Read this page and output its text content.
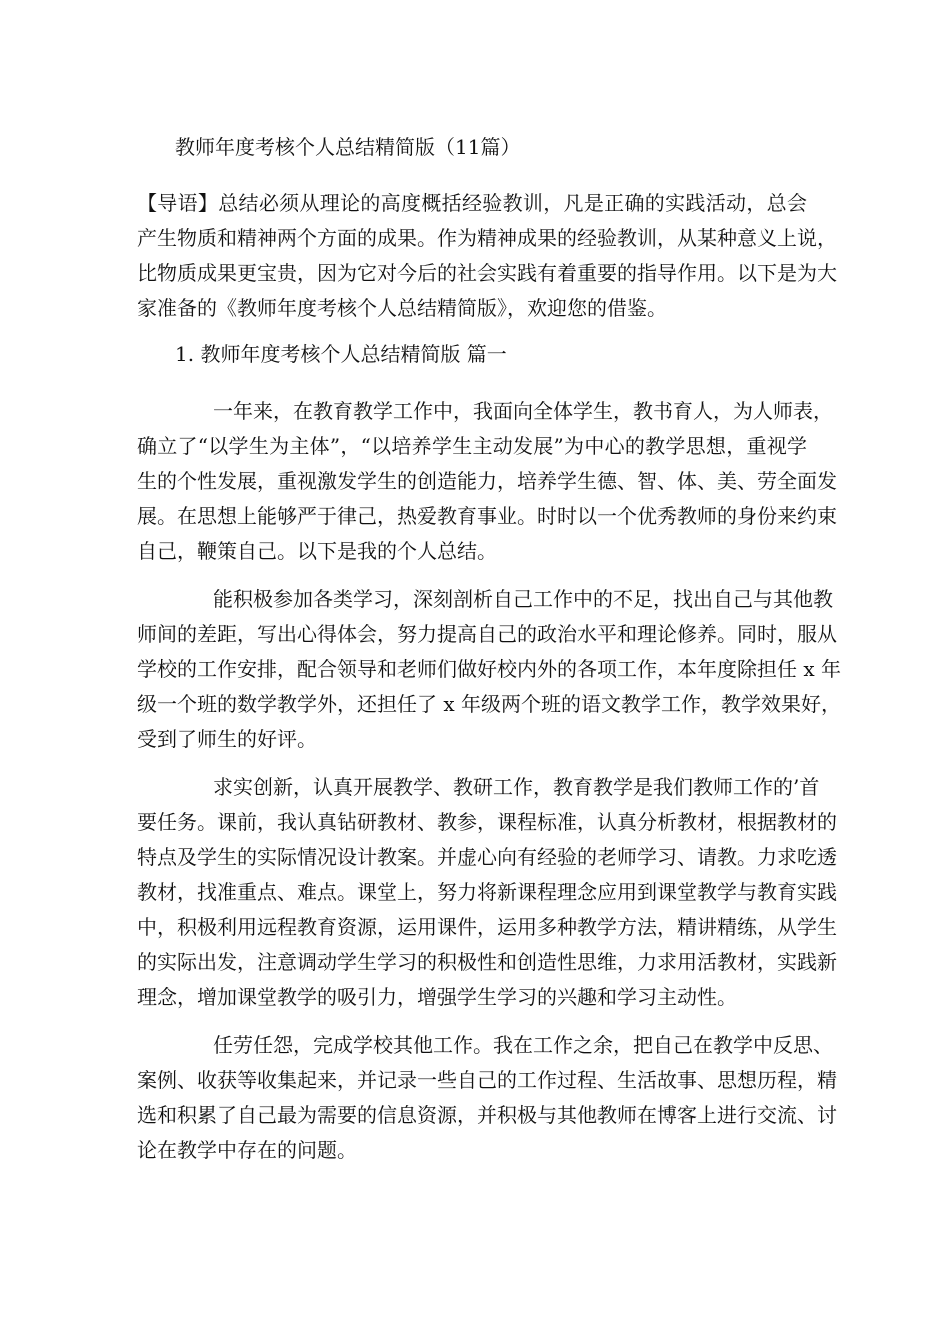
教师年度考核个人总结精简版（11篇）
【导语】总结必须从理论的高度概括经验教训，凡是正确的实践活动，总会
产生物质和精神两个方面的成果。作为精神成果的经验教训，从某种意义上说，
比物质成果更宝贵，因为它对今后的社会实践有着重要的指导作用。以下是为大
家准备的《教师年度考核个人总结精简版》，欢迎您的借鉴。
1. 教师年度考核个人总结精简版 篇一
一年来，在教育教学工作中，我面向全体学生，教书育人，为人师表，
确立了“以学生为主体”，“以培养学生主动发展”为中心的教学思想，重视学
生的个性发展，重视激发学生的创造能力，培养学生德、智、体、美、劳全面发
展。在思想上能够严于律己，热爱教育事业。时时以一个优秀教师的身份来约束
自己，鞭策自己。以下是我的个人总结。
能积极参加各类学习，深刻剖析自己工作中的不足，找出自己与其他教
师间的差距，写出心得体会，努力提高自己的政治水平和理论修养。同时，服从
学校的工作安排，配合领导和老师们做好校内外的各项工作，本年度除担任 x 年
级一个班的数学教学外，还担任了 x 年级两个班的语文教学工作，教学效果好，
受到了师生的好评。
求实创新，认真开展教学、教研工作，教育教学是我们教师工作的’首
要任务。课前，我认真钻研教材、教参，课程标准，认真分析教材，根据教材的
特点及学生的实际情况设计教案。并虚心向有经验的老师学习、请教。力求吃透
教材，找准重点、难点。课堂上，努力将新课程理念应用到课堂教学与教育实践
中，积极利用远程教育资源，运用课件，运用多种教学方法，精讲精练，从学生
的实际出发，注意调动学生学习的积极性和创造性思维，力求用活教材，实践新
理念，增加课堂教学的吸引力，增强学生学习的兴趣和学习主动性。
任劳任怨，完成学校其他工作。我在工作之余，把自己在教学中反思、
案例、收获等收集起来，并记录一些自己的工作过程、生活故事、思想历程，精
选和积累了自己最为需要的信息资源，并积极与其他教师在博客上进行交流、讨
论在教学中存在的问题。
